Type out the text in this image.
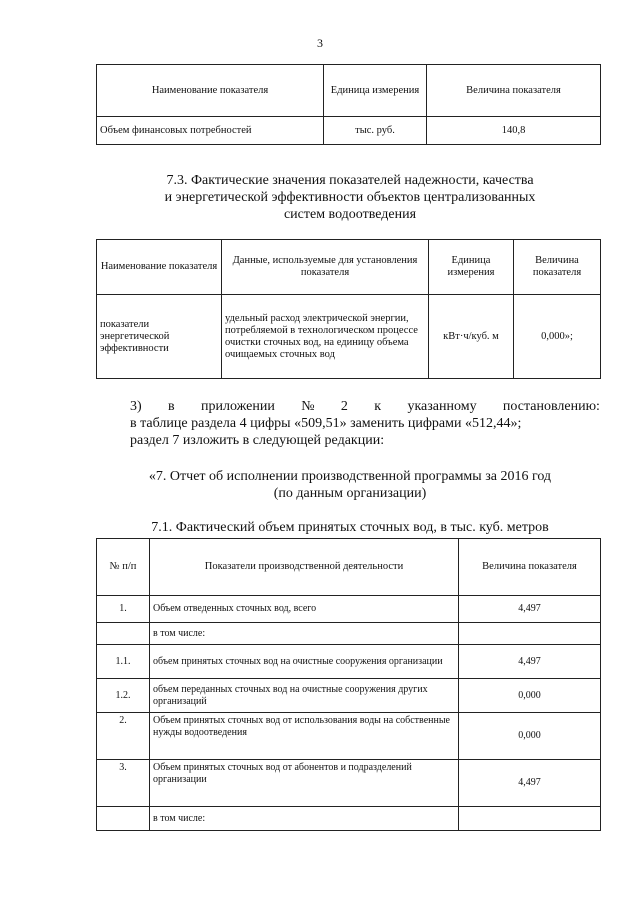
3
Наименование показателя	Единица измерения	Величина показателя
Объем финансовых потребностей	тыс. руб.	140,8
7.3. Фактические значения показателей надежности, качества
и энергетической эффективности объектов централизованных
систем водоотведения
Наименование показателя	Данные, используемые для установления показателя	Единица измерения	Величина показателя
показатели энергетической эффективности	удельный расход электрической энергии, потребляемой в технологическом процессе очистки сточных вод, на единицу объема очищаемых сточных вод	кВт·ч/куб. м	0,000»;
3) в приложении № 2 к указанному постановлению:
в таблице раздела 4 цифры «509,51» заменить цифрами «512,44»;
раздел 7 изложить в следующей редакции:
«7. Отчет об исполнении производственной программы за 2016 год
(по данным организации)
7.1. Фактический объем принятых сточных вод, в тыс. куб. метров
№ п/п	Показатели производственной деятельности	Величина показателя
1.	Объем отведенных сточных вод, всего	4,497
	в том числе:	
1.1.	объем принятых сточных вод на очистные сооружения организации	4,497
1.2.	объем переданных сточных вод на очистные сооружения других организаций	0,000
2.	Объем принятых сточных вод от использования воды на собственные нужды водоотведения	0,000
3.	Объем принятых сточных вод от абонентов и подразделений организации	4,497
	в том числе:	
